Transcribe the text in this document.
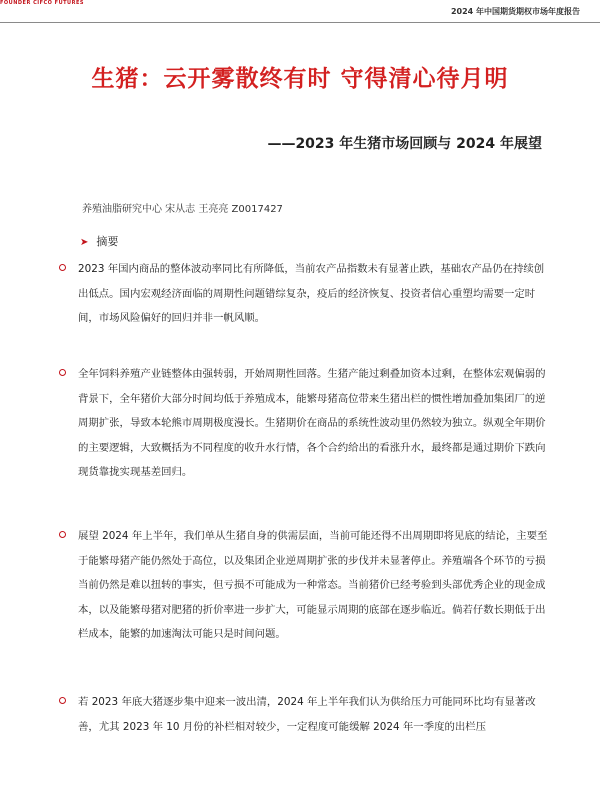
FOUNDER CIFCO FUTURES
2024 年中国期货期权市场年度报告
生猪：云开雾散终有时 守得清心待月明
——2023 年生猪市场回顾与 2024 年展望
养殖油脂研究中心 宋从志 王亮亮 Z0017427
➤ 摘要

2023 年国内商品的整体波动率同比有所降低，当前农产品指数未有显著止跌，基础农产品仍在持续创出低点。国内宏观经济面临的周期性问题错综复杂，疫后的经济恢复、投资者信心重塑均需要一定时间，市场风险偏好的回归并非一帆风顺。

全年饲料养殖产业链整体由强转弱，开始周期性回落。生猪产能过剩叠加资本过剩，在整体宏观偏弱的背景下，全年猪价大部分时间均低于养殖成本，能繁母猪高位带来生猪出栏的惯性增加叠加集团厂的逆周期扩张，导致本轮熊市周期极度漫长。生猪期价在商品的系统性波动里仍然较为独立。纵观全年期价的主要逻辑，大致概括为不同程度的收升水行情，各个合约给出的看涨升水，最终都是通过期价下跌向现货靠拢实现基差回归。

展望 2024 年上半年，我们单从生猪自身的供需层面，当前可能还得不出周期即将见底的结论，主要至于能繁母猪产能仍然处于高位，以及集团企业逆周期扩张的步伐并未显著停止。养殖端各个环节的亏损当前仍然是难以扭转的事实，但亏损不可能成为一种常态。当前猪价已经考验到头部优秀企业的现金成本，以及能繁母猪对肥猪的折价率进一步扩大，可能显示周期的底部在逐步临近。倘若仔数长期低于出栏成本，能繁的加速淘汰可能只是时间问题。

若 2023 年底大猪逐步集中迎来一波出清，2024 年上半年我们认为供给压力可能同环比均有显著改善，尤其 2023 年 10 月份的补栏相对较少，一定程度可能缓解 2024 年一季度的出栏压
